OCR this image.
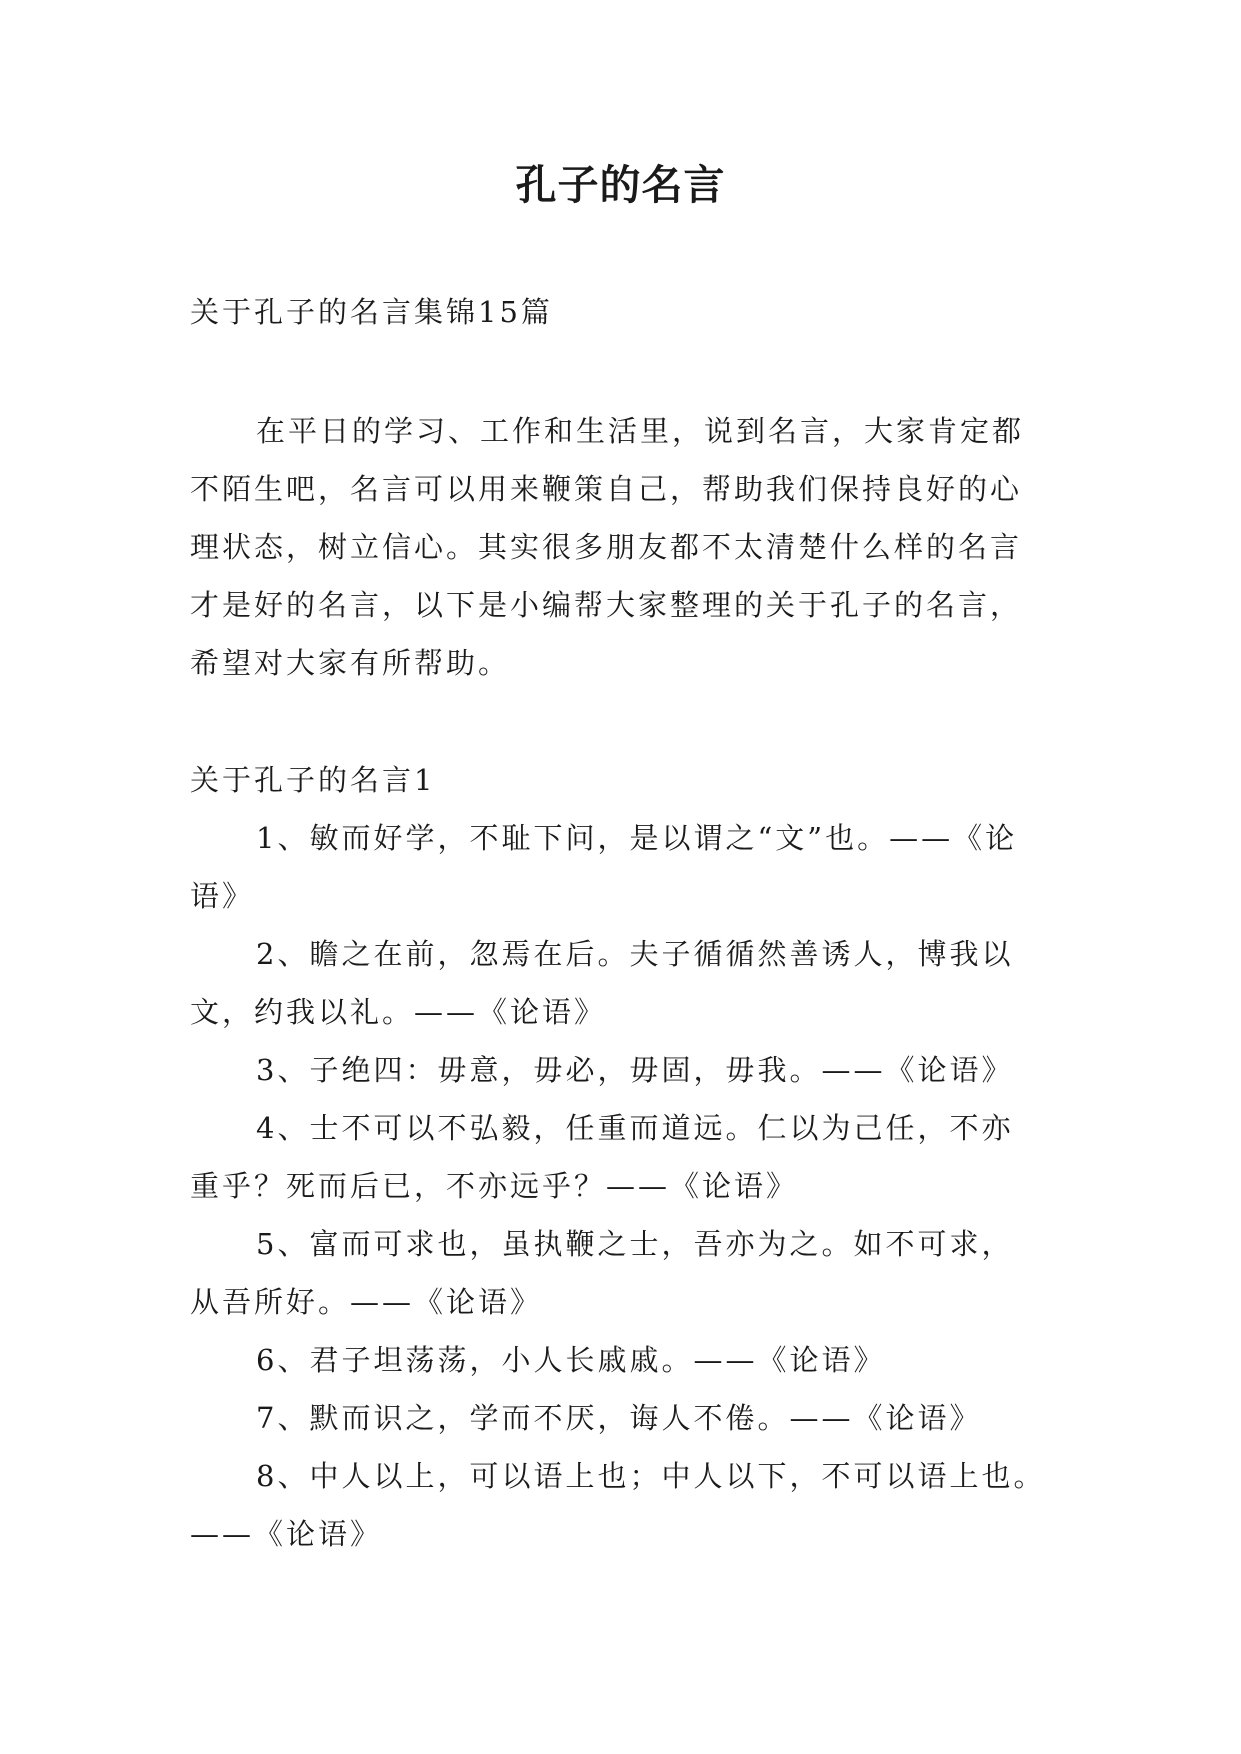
孔子的名言

关于孔子的名言集锦15篇

在平日的学习、工作和生活里，说到名言，大家肯定都
不陌生吧，名言可以用来鞭策自己，帮助我们保持良好的心
理状态，树立信心。其实很多朋友都不太清楚什么样的名言
才是好的名言，以下是小编帮大家整理的关于孔子的名言，
希望对大家有所帮助。

关于孔子的名言1

1、敏而好学，不耻下问，是以谓之“文”也。——《论
语》
2、瞻之在前，忽焉在后。夫子循循然善诱人，博我以
文，约我以礼。——《论语》
3、子绝四：毋意，毋必，毋固，毋我。——《论语》
4、士不可以不弘毅，任重而道远。仁以为己任，不亦
重乎？死而后已，不亦远乎？——《论语》
5、富而可求也，虽执鞭之士，吾亦为之。如不可求，
从吾所好。——《论语》
6、君子坦荡荡，小人长戚戚。——《论语》
7、默而识之，学而不厌，诲人不倦。——《论语》
8、中人以上，可以语上也；中人以下，不可以语上也。
——《论语》
